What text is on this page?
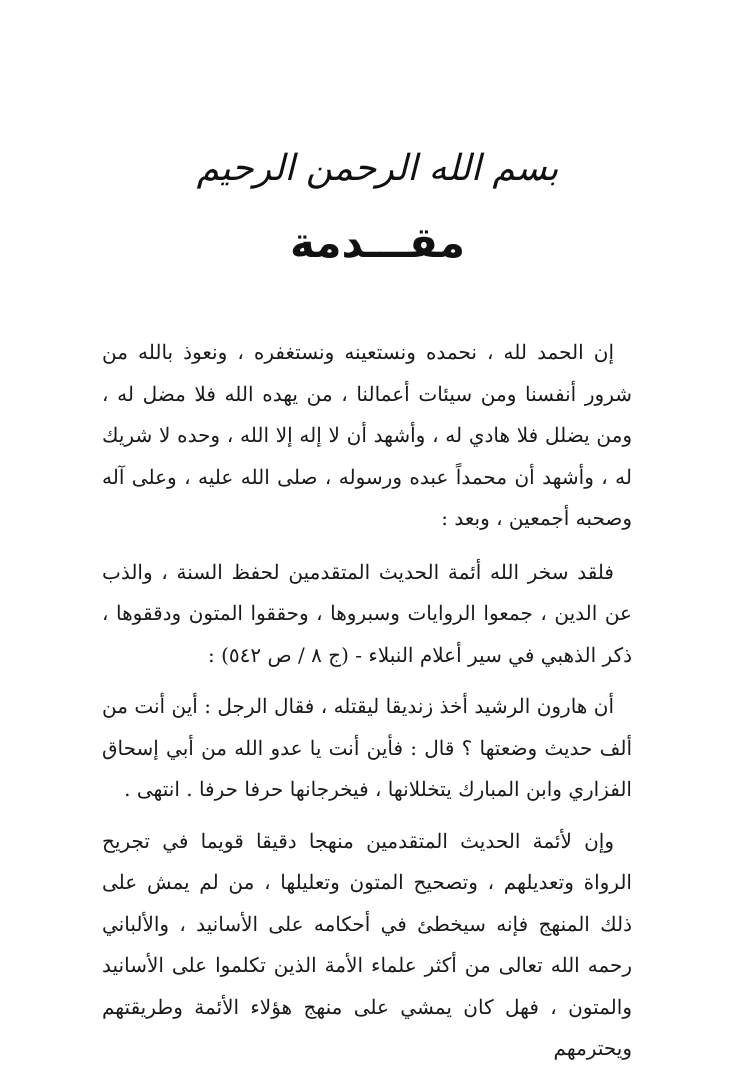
بسم الله الرحمن الرحيم
مقـــدمة

إن الحمد لله ، نحمده ونستعينه ونستغفره ، ونعوذ بالله من شرور أنفسنا ومن سيئات أعمالنا ، من يهده الله فلا مضل له ، ومن يضلل فلا هادي له ، وأشهد أن لا إله إلا الله ، وحده لا شريك له ، وأشهد أن محمداً عبده ورسوله ، صلى الله عليه ، وعلى آله وصحبه أجمعين ، وبعد :

فلقد سخر الله أئمة الحديث المتقدمين لحفظ السنة ، والذب عن الدين ، جمعوا الروايات وسبروها ، وحققوا المتون ودققوها ، ذكر الذهبي في سير أعلام النبلاء - (ج ٨ / ص ٥٤٢) :

أن هارون الرشيد أخذ زنديقا ليقتله ، فقال الرجل : أين أنت من ألف حديث وضعتها ؟ قال : فأين أنت يا عدو الله من أبي إسحاق الفزاري وابن المبارك يتخللانها ، فيخرجانها حرفا حرفا . انتهى .

وإن لأئمة الحديث المتقدمين منهجا دقيقا قويما في تجريح الرواة وتعديلهم ، وتصحيح المتون وتعليلها ، من لم يمش على ذلك المنهج فإنه سيخطئ في أحكامه على الأسانيد ، والألباني رحمه الله تعالى من أكثر علماء الأمة الذين تكلموا على الأسانيد والمتون ، فهل كان يمشي على منهج هؤلاء الأئمة وطريقتهم ويحترمهم
